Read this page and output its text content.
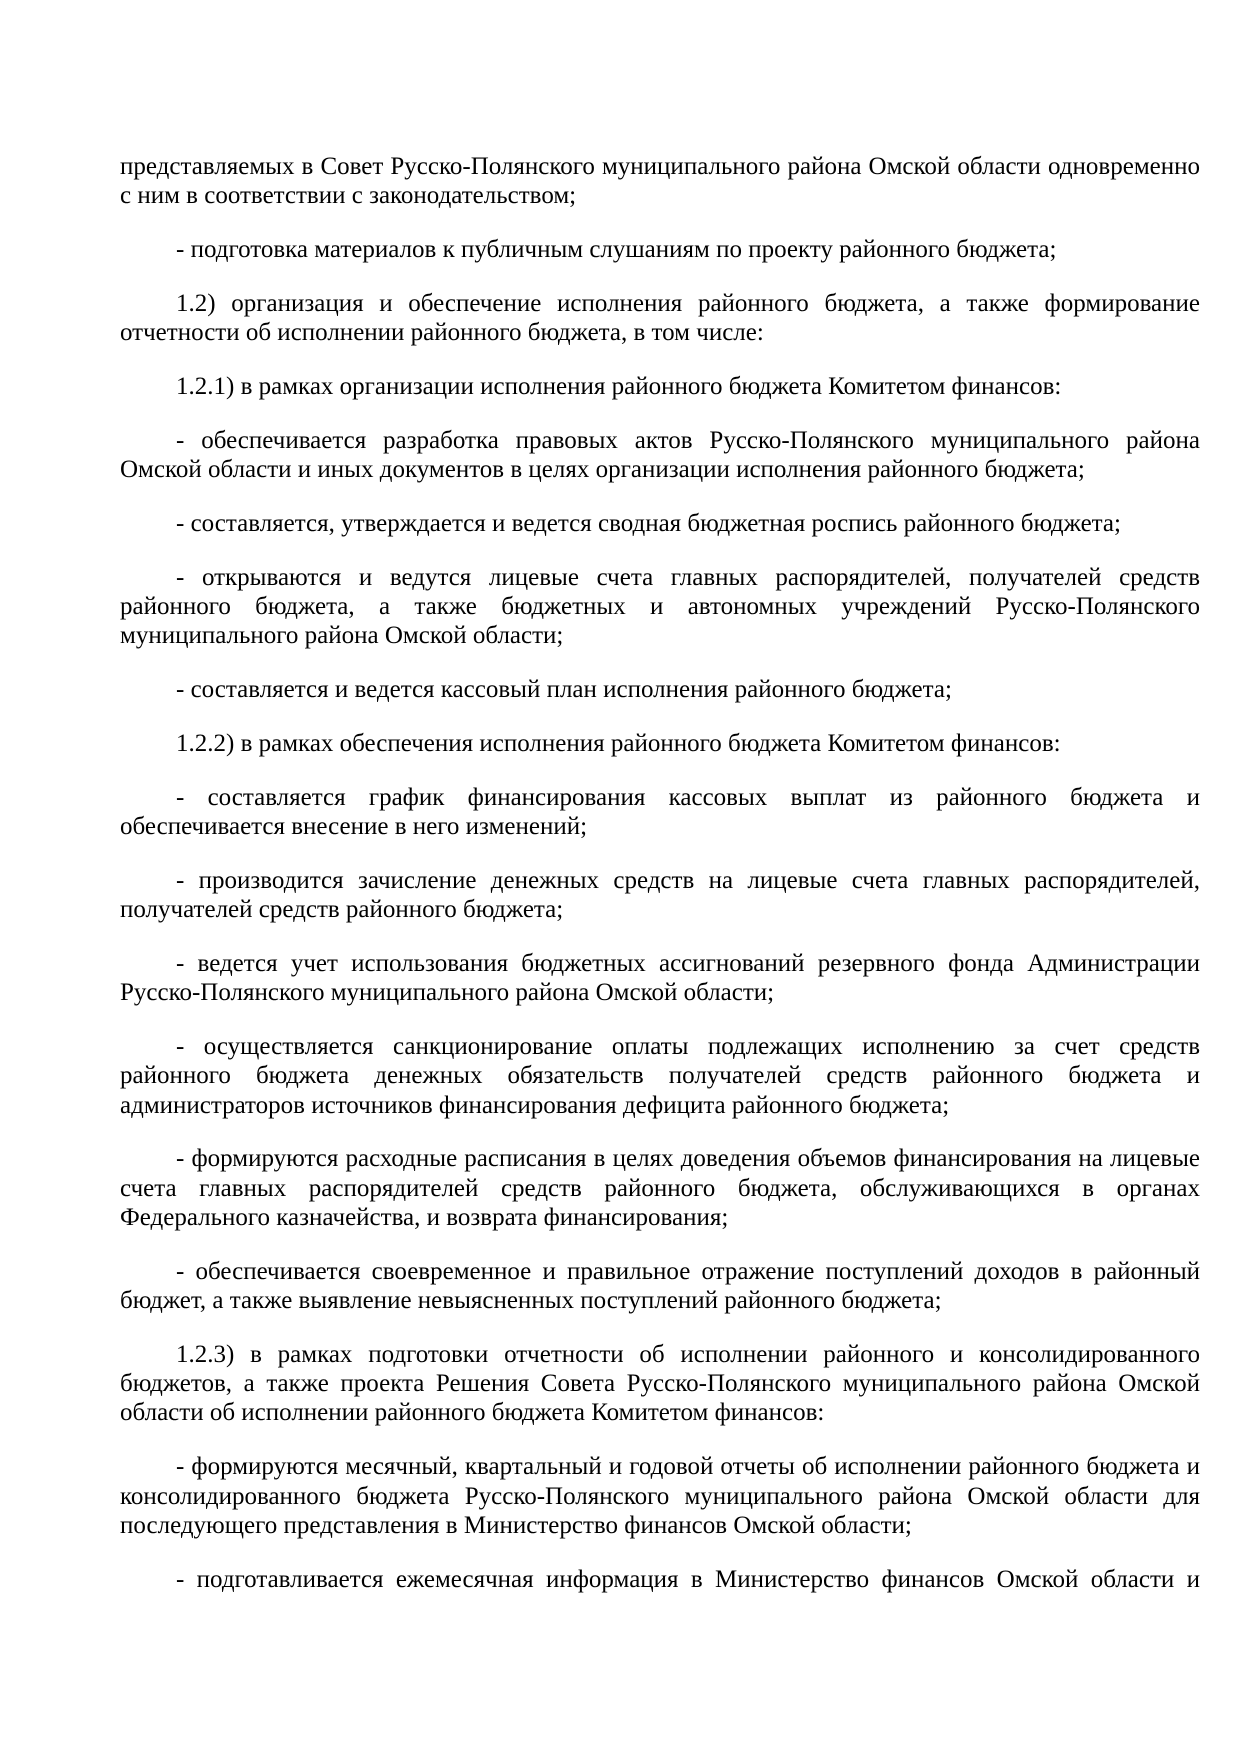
представляемых в Совет Русско-Полянского муниципального района Омской области одновременно с ним в соответствии с законодательством;

- подготовка материалов к публичным слушаниям по проекту районного бюджета;

1.2) организация и обеспечение исполнения районного бюджета, а также формирование отчетности об исполнении районного бюджета, в том числе:

1.2.1) в рамках организации исполнения районного бюджета Комитетом финансов:

- обеспечивается разработка правовых актов Русско-Полянского муниципального района Омской области и иных документов в целях организации исполнения районного бюджета;

- составляется, утверждается и ведется сводная бюджетная роспись районного бюджета;

- открываются и ведутся лицевые счета главных распорядителей, получателей средств районного бюджета, а также бюджетных и автономных учреждений Русско-Полянского муниципального района Омской области;

- составляется и ведется кассовый план исполнения районного бюджета;

1.2.2) в рамках обеспечения исполнения районного бюджета Комитетом финансов:

- составляется график финансирования кассовых выплат из районного бюджета и обеспечивается внесение в него изменений;

- производится зачисление денежных средств на лицевые счета главных распорядителей, получателей средств районного бюджета;

- ведется учет использования бюджетных ассигнований резервного фонда Администрации Русско-Полянского муниципального района Омской области;

- осуществляется санкционирование оплаты подлежащих исполнению за счет средств районного бюджета денежных обязательств получателей средств районного бюджета и администраторов источников финансирования дефицита районного бюджета;

- формируются расходные расписания в целях доведения объемов финансирования на лицевые счета главных распорядителей средств районного бюджета, обслуживающихся в органах Федерального казначейства, и возврата финансирования;

- обеспечивается своевременное и правильное отражение поступлений доходов в районный бюджет, а также выявление невыясненных поступлений районного бюджета;

1.2.3) в рамках подготовки отчетности об исполнении районного и консолидированного бюджетов, а также проекта Решения Совета Русско-Полянского муниципального района Омской области об исполнении районного бюджета Комитетом финансов:

- формируются месячный, квартальный и годовой отчеты об исполнении районного бюджета и консолидированного бюджета Русско-Полянского муниципального района Омской области для последующего представления в Министерство финансов Омской области;

- подготавливается ежемесячная информация в Министерство финансов Омской области и
